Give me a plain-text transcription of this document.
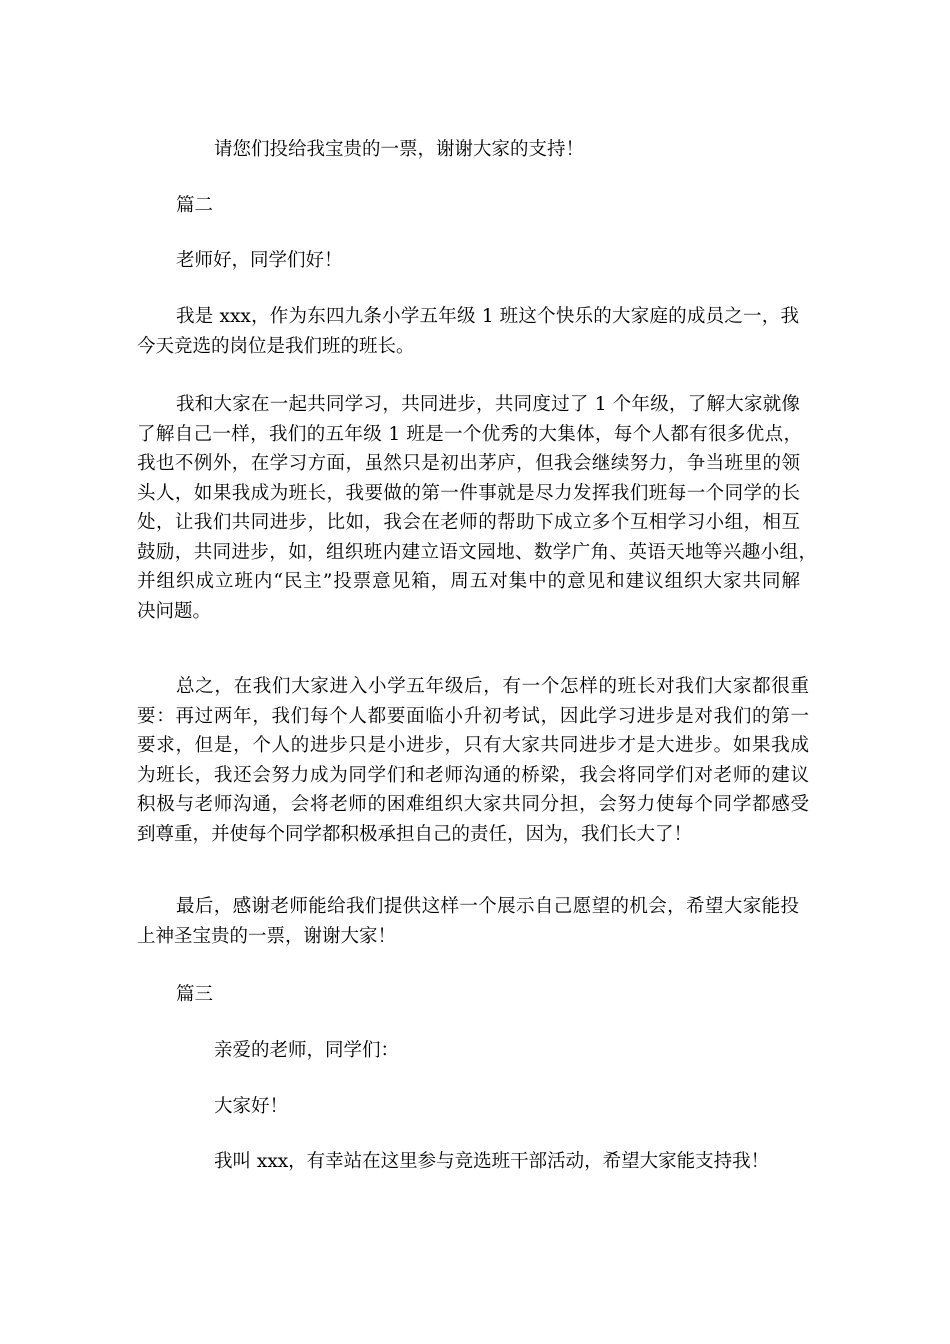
请您们投给我宝贵的一票，谢谢大家的支持！

篇二

老师好，同学们好！

我是 xxx，作为东四九条小学五年级 1 班这个快乐的大家庭的成员之一，我
今天竞选的岗位是我们班的班长。

我和大家在一起共同学习，共同进步，共同度过了 1 个年级，了解大家就像
了解自己一样，我们的五年级 1 班是一个优秀的大集体，每个人都有很多优点，
我也不例外，在学习方面，虽然只是初出茅庐，但我会继续努力，争当班里的领
头人，如果我成为班长，我要做的第一件事就是尽力发挥我们班每一个同学的长
处，让我们共同进步，比如，我会在老师的帮助下成立多个互相学习小组，相互
鼓励，共同进步，如，组织班内建立语文园地、数学广角、英语天地等兴趣小组，
并组织成立班内“民主”投票意见箱，周五对集中的意见和建议组织大家共同解
决问题。

总之，在我们大家进入小学五年级后，有一个怎样的班长对我们大家都很重
要：再过两年，我们每个人都要面临小升初考试，因此学习进步是对我们的第一
要求，但是，个人的进步只是小进步，只有大家共同进步才是大进步。如果我成
为班长，我还会努力成为同学们和老师沟通的桥梁，我会将同学们对老师的建议
积极与老师沟通，会将老师的困难组织大家共同分担，会努力使每个同学都感受
到尊重，并使每个同学都积极承担自己的责任，因为，我们长大了！

最后，感谢老师能给我们提供这样一个展示自己愿望的机会，希望大家能投
上神圣宝贵的一票，谢谢大家！

篇三

亲爱的老师，同学们：

大家好！

我叫 xxx，有幸站在这里参与竞选班干部活动，希望大家能支持我！
